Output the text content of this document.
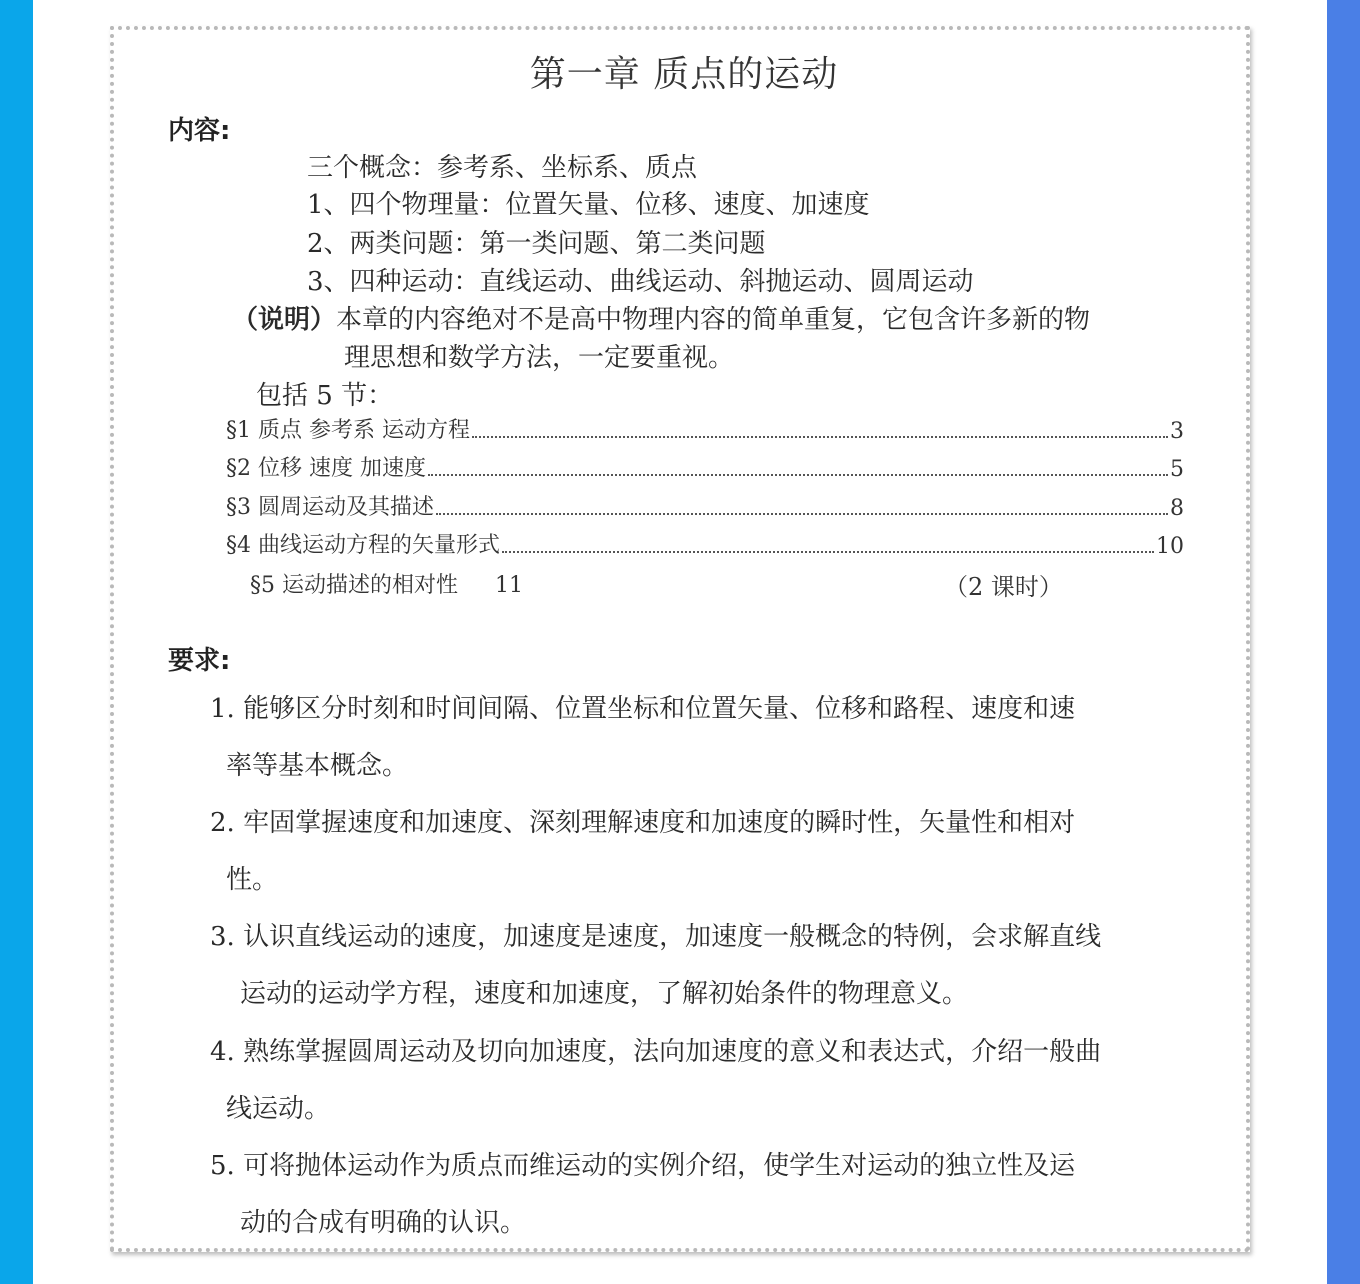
第一章 质点的运动
内容:
三个概念：参考系、坐标系、质点
1、四个物理量：位置矢量、位移、速度、加速度
2、两类问题：第一类问题、第二类问题
3、四种运动：直线运动、曲线运动、斜抛运动、圆周运动
（说明）本章的内容绝对不是高中物理内容的简单重复，它包含许多新的物
理思想和数学方法，一定要重视。
包括 5 节：
§1 质点 参考系 运动方程	3
§2 位移 速度 加速度	5
§3 圆周运动及其描述	8
§4 曲线运动方程的矢量形式	10
§5 运动描述的相对性 11	（2 课时）
要求:
1. 能够区分时刻和时间间隔、位置坐标和位置矢量、位移和路程、速度和速
率等基本概念。
2. 牢固掌握速度和加速度、深刻理解速度和加速度的瞬时性，矢量性和相对
性。
3. 认识直线运动的速度，加速度是速度，加速度一般概念的特例，会求解直线
运动的运动学方程，速度和加速度，了解初始条件的物理意义。
4. 熟练掌握圆周运动及切向加速度，法向加速度的意义和表达式，介绍一般曲
线运动。
5. 可将抛体运动作为质点而维运动的实例介绍，使学生对运动的独立性及运
动的合成有明确的认识。
